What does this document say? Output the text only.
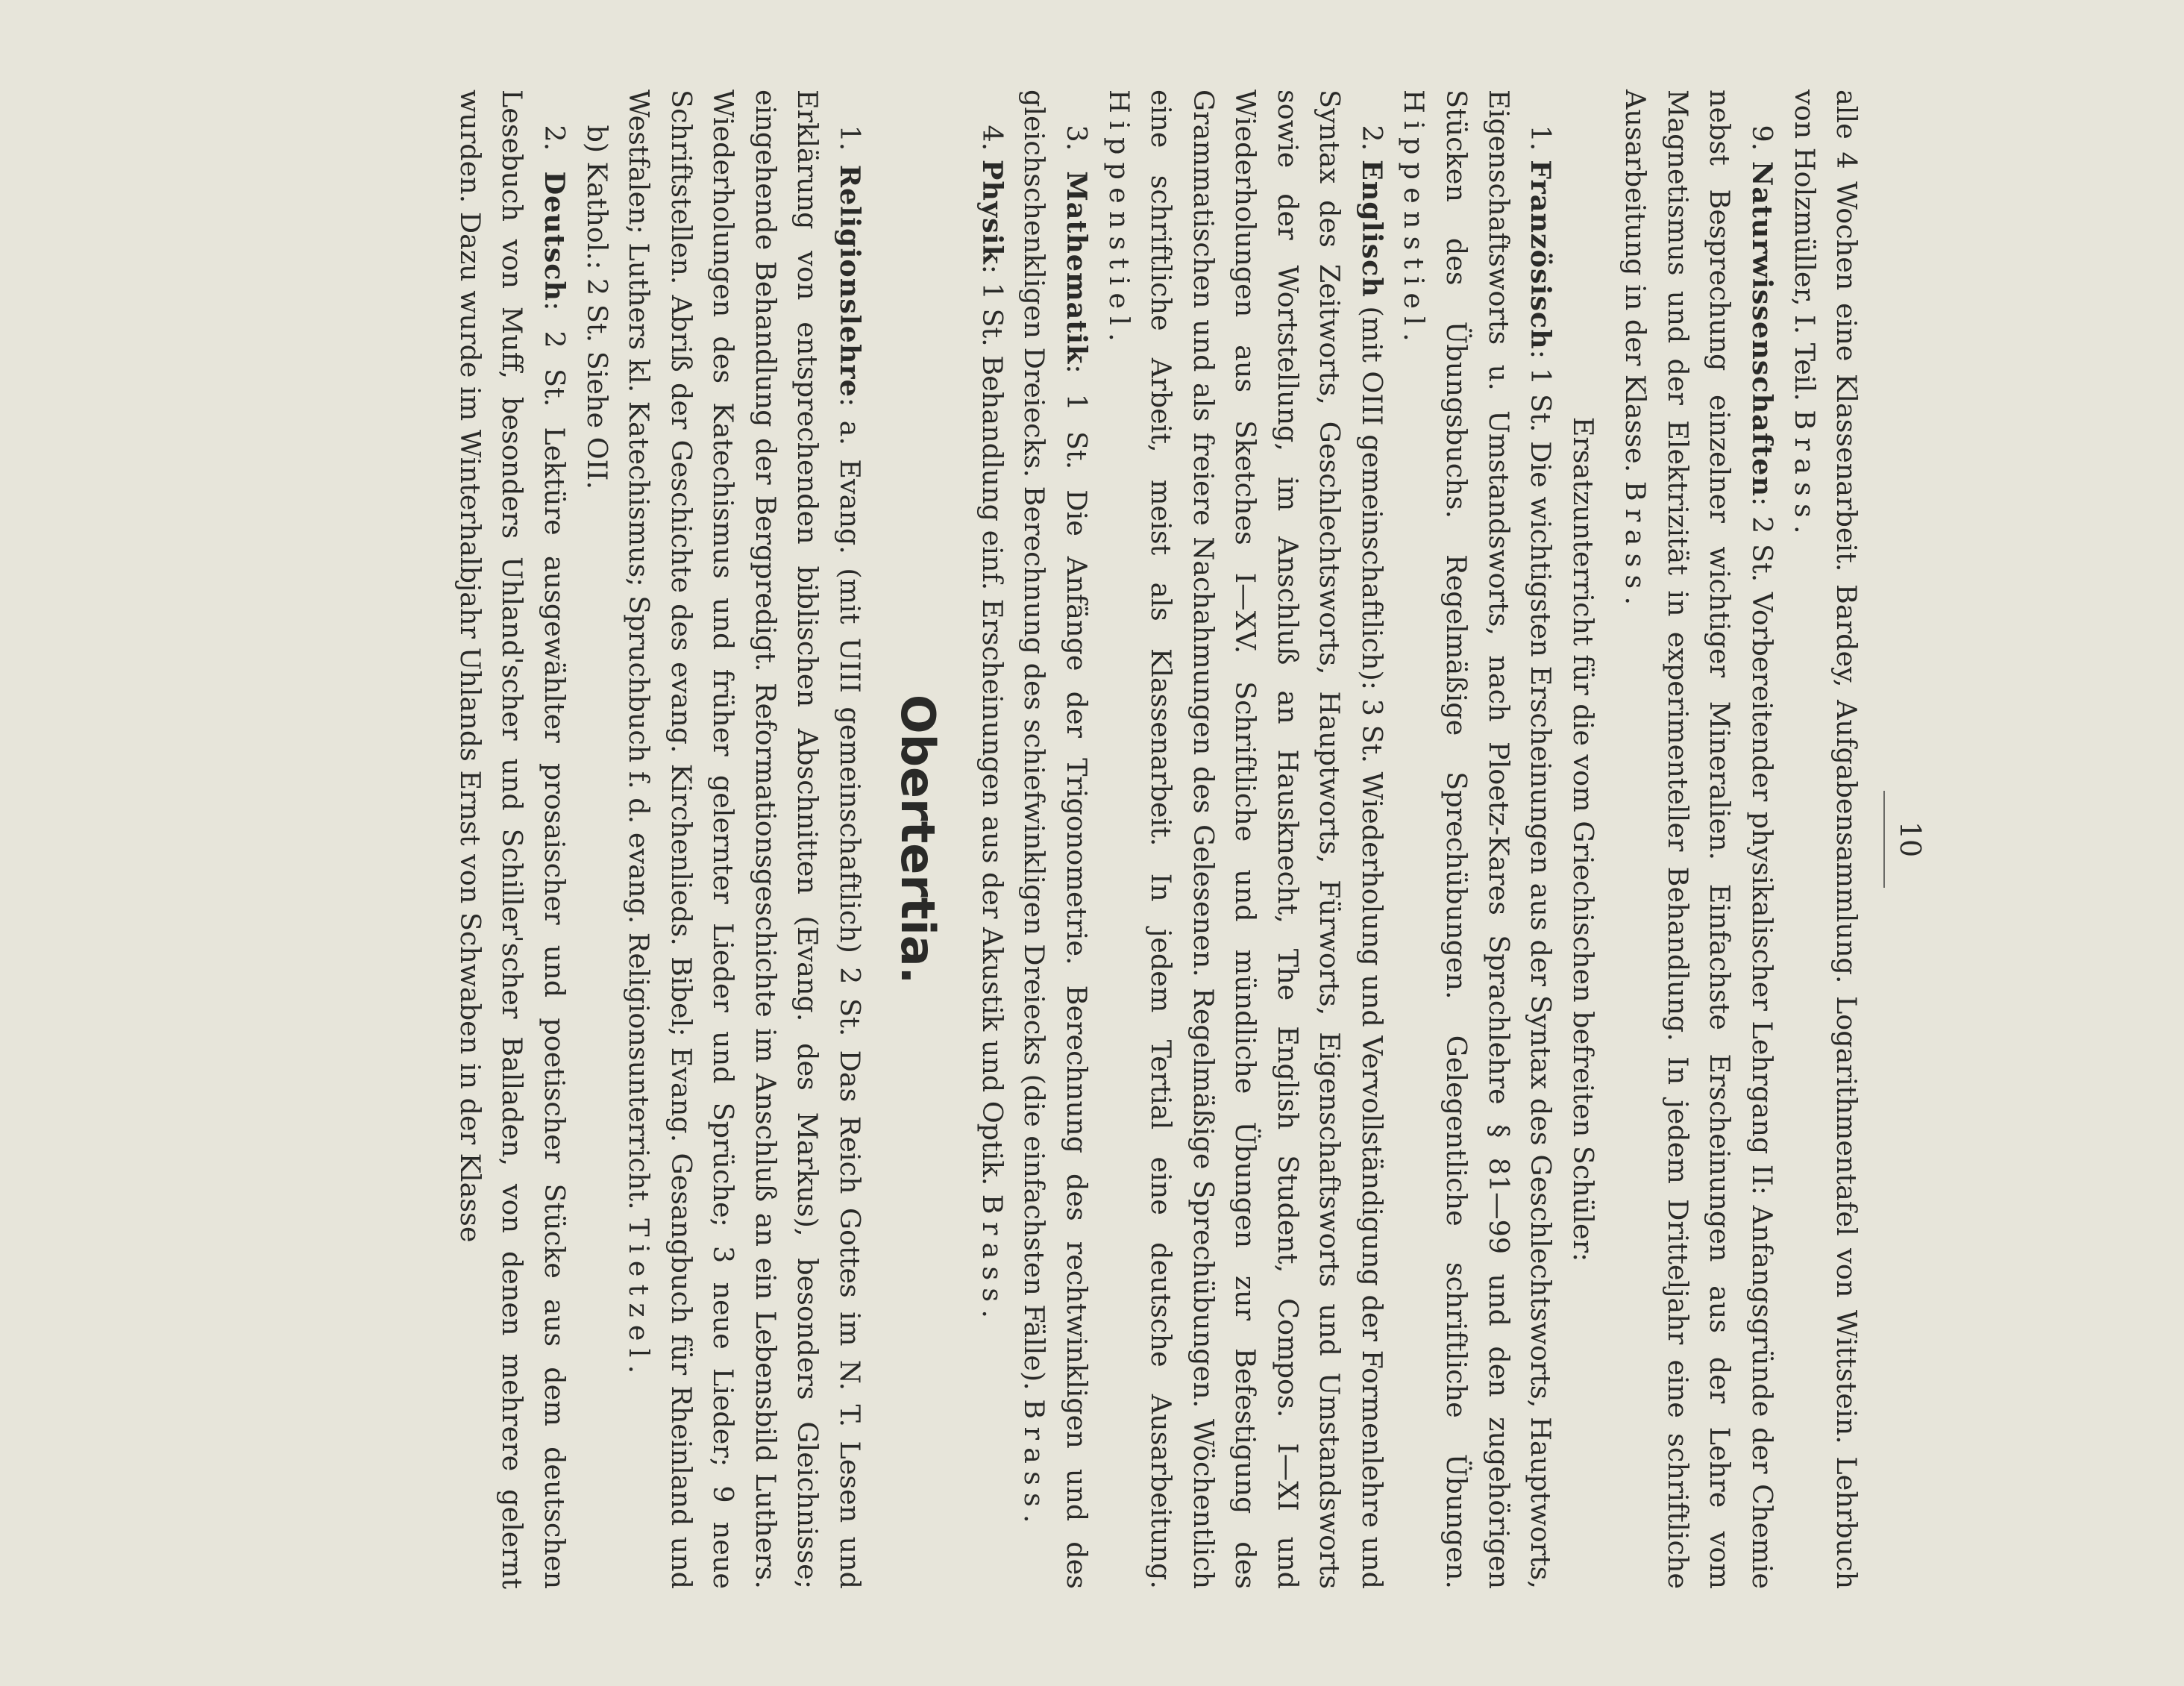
10

alle 4 Wochen eine Klassenarbeit. Bardey, Aufgabensammlung. Logarithmentafel von Wittstein. Lehrbuch von Holzmüller, I. Teil. Brass.

9. Naturwissenschaften: 2 St. Vorbereitender physikalischer Lehrgang II: Anfangsgründe der Chemie nebst Besprechung einzelner wichtiger Mineralien. Einfachste Erscheinungen aus der Lehre vom Magnetismus und der Elektrizität in experimenteller Behandlung. In jedem Dritteljahr eine schriftliche Ausarbeitung in der Klasse. Brass.

Ersatzunterricht für die vom Griechischen befreiten Schüler:

1. Französisch: 1 St. Die wichtigsten Erscheinungen aus der Syntax des Geschlechtsworts, Hauptworts, Eigenschaftsworts u. Umstandsworts, nach Ploetz-Kares Sprachlehre § 81—99 und den zugehörigen Stücken des Übungsbuchs. Regelmäßige Sprechübungen. Gelegentliche schriftliche Übungen. Hippenstiel.

2. Englisch (mit OIII gemeinschaftlich): 3 St. Wiederholung und Vervollständigung der Formenlehre und Syntax des Zeitworts, Geschlechtsworts, Hauptworts, Fürworts, Eigenschaftsworts und Umstandsworts sowie der Wortstellung, im Anschluß an Hausknecht, The English Student, Compos. I—XI und Wiederholungen aus Sketches I—XV. Schriftliche und mündliche Übungen zur Befestigung des Grammatischen und als freiere Nachahmungen des Gelesenen. Regelmäßige Sprechübungen. Wöchentlich eine schriftliche Arbeit, meist als Klassenarbeit. In jedem Tertial eine deutsche Ausarbeitung. Hippenstiel.

3. Mathematik: 1 St. Die Anfänge der Trigonometrie. Berechnung des rechtwinkligen und des gleichschenkligen Dreiecks. Berechnung des schiefwinkligen Dreiecks (die einfachsten Fälle). Brass.

4. Physik: 1 St. Behandlung einf. Erscheinungen aus der Akustik und Optik. Brass.

Obertertia.

1. Religionslehre: a. Evang. (mit UIII gemeinschaftlich) 2 St. Das Reich Gottes im N. T. Lesen und Erklärung von entsprechenden biblischen Abschnitten (Evang. des Markus), besonders Gleichnisse; eingehende Behandlung der Bergpredigt. Reformationsgeschichte im Anschluß an ein Lebensbild Luthers. Wiederholungen des Katechismus und früher gelernter Lieder und Sprüche; 3 neue Lieder; 9 neue Schriftstellen. Abriß der Geschichte des evang. Kirchenlieds. Bibel; Evang. Gesangbuch für Rheinland und Westfalen; Luthers kl. Katechismus; Spruchbuch f. d. evang. Religionsunterricht. Tietzel.

b) Kathol.: 2 St. Siehe OII.

2. Deutsch: 2 St. Lektüre ausgewählter prosaischer und poetischer Stücke aus dem deutschen Lesebuch von Muff, besonders Uhland'scher und Schiller'scher Balladen, von denen mehrere gelernt wurden. Dazu wurde im Winterhalbjahr Uhlands Ernst von Schwaben in der Klasse
